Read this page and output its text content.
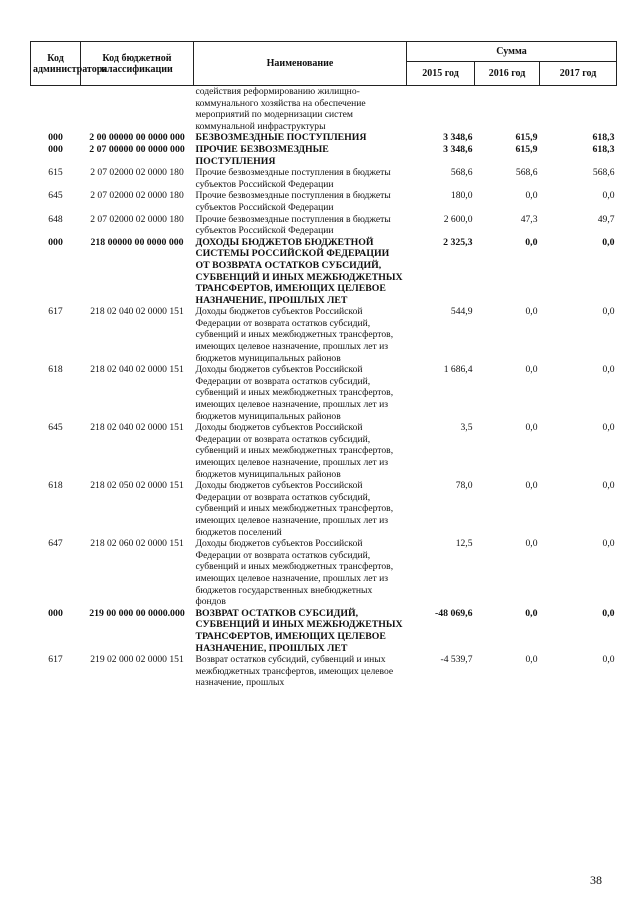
Код администратора	Код бюджетной классификации	Наименование	Сумма		
			2015 год	2016 год	2017 год
		содействия реформированию жилищно-коммунального хозяйства на обеспечение мероприятий по модернизации систем коммунальной инфраструктуры			
000	2 00 00000 00 0000 000	БЕЗВОЗМЕЗДНЫЕ ПОСТУПЛЕНИЯ	3 348,6	615,9	618,3
000	2 07 00000 00 0000 000	ПРОЧИЕ БЕЗВОЗМЕЗДНЫЕ ПОСТУПЛЕНИЯ	3 348,6	615,9	618,3
615	2 07 02000 02 0000 180	Прочие безвозмездные поступления в бюджеты субъектов Российской Федерации	568,6	568,6	568,6
645	2 07 02000 02 0000 180	Прочие безвозмездные поступления в бюджеты субъектов Российской Федерации	180,0	0,0	0,0
648	2 07 02000 02 0000 180	Прочие безвозмездные поступления в бюджеты субъектов Российской Федерации	2 600,0	47,3	49,7
000	218 00000 00 0000 000	ДОХОДЫ БЮДЖЕТОВ БЮДЖЕТНОЙ СИСТЕМЫ РОССИЙСКОЙ ФЕДЕРАЦИИ ОТ ВОЗВРАТА ОСТАТКОВ СУБСИДИЙ, СУБВЕНЦИЙ И ИНЫХ МЕЖБЮДЖЕТНЫХ ТРАНСФЕРТОВ, ИМЕЮЩИХ ЦЕЛЕВОЕ НАЗНАЧЕНИЕ, ПРОШЛЫХ ЛЕТ	2 325,3	0,0	0,0
617	218 02 040 02 0000 151	Доходы бюджетов субъектов Российской Федерации от возврата остатков субсидий, субвенций и иных межбюджетных трансфертов, имеющих целевое назначение, прошлых лет из бюджетов муниципальных районов	544,9	0,0	0,0
618	218 02 040 02 0000 151	Доходы бюджетов субъектов Российской Федерации от возврата остатков субсидий, субвенций и иных межбюджетных трансфертов, имеющих целевое назначение, прошлых лет из бюджетов муниципальных районов	1 686,4	0,0	0,0
645	218 02 040 02 0000 151	Доходы бюджетов субъектов Российской Федерации от возврата остатков субсидий, субвенций и иных межбюджетных трансфертов, имеющих целевое назначение, прошлых лет из бюджетов муниципальных районов	3,5	0,0	0,0
618	218 02 050 02 0000 151	Доходы бюджетов субъектов Российской Федерации от возврата остатков субсидий, субвенций и иных межбюджетных трансфертов, имеющих целевое назначение, прошлых лет из бюджетов поселений	78,0	0,0	0,0
647	218 02 060 02 0000 151	Доходы бюджетов субъектов Российской Федерации от возврата остатков субсидий, субвенций и иных межбюджетных трансфертов, имеющих целевое назначение, прошлых лет из бюджетов государственных внебюджетных фондов	12,5	0,0	0,0
000	219 00 000 00 0000.000	ВОЗВРАТ ОСТАТКОВ СУБСИДИЙ, СУБВЕНЦИЙ И ИНЫХ МЕЖБЮДЖЕТНЫХ ТРАНСФЕРТОВ, ИМЕЮЩИХ ЦЕЛЕВОЕ НАЗНАЧЕНИЕ, ПРОШЛЫХ ЛЕТ	-48 069,6	0,0	0,0
617	219 02 000 02 0000 151	Возврат остатков субсидий, субвенций и иных межбюджетных трансфертов, имеющих целевое назначение, прошлых	-4 539,7	0,0	0,0
38
